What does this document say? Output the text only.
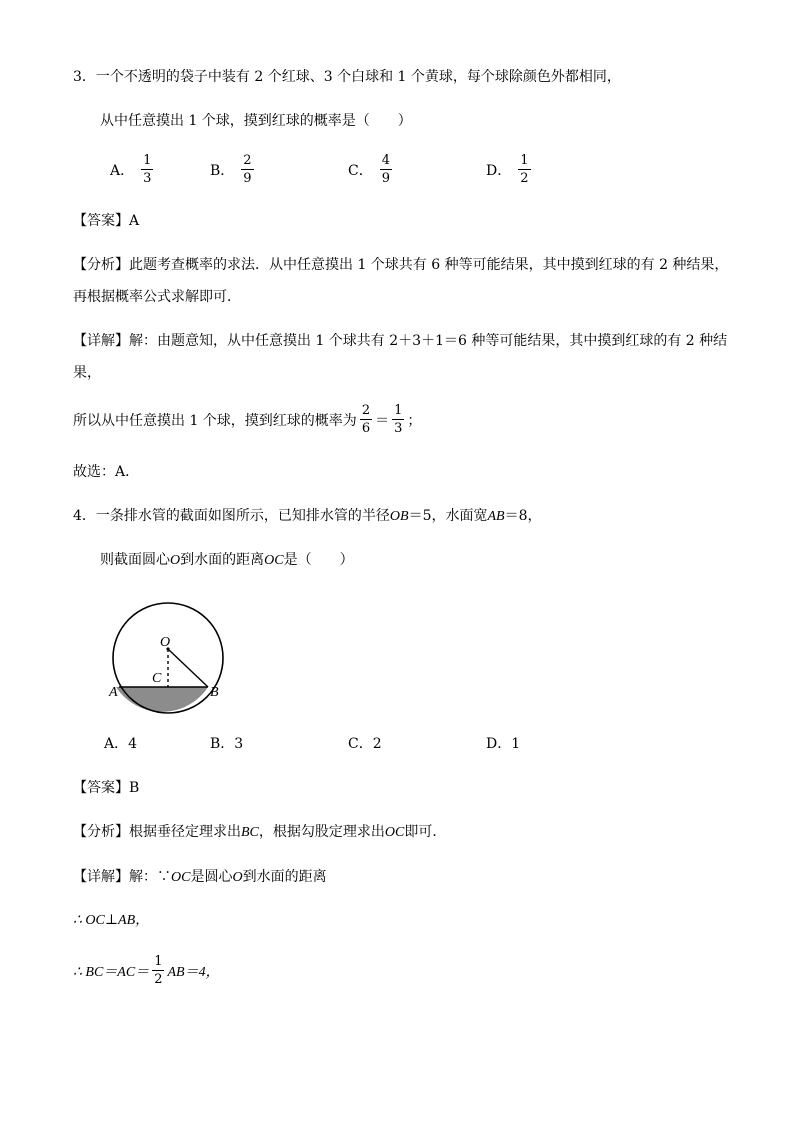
3．一个不透明的袋子中装有 2 个红球、3 个白球和 1 个黄球，每个球除颜色外都相同，
从中任意摸出 1 个球，摸到红球的概率是（　　）
A． $\frac{1}{3}$	B． $\frac{2}{9}$	C． $\frac{4}{9}$	D． $\frac{1}{2}$
【答案】A
【分析】此题考查概率的求法．从中任意摸出 1 个球共有 6 种等可能结果，其中摸到红球的有 2 种结果，
再根据概率公式求解即可．
【详解】解：由题意知，从中任意摸出 1 个球共有 2＋3＋1＝6 种等可能结果，其中摸到红球的有 2 种结
果，
所以从中任意摸出 1 个球，摸到红球的概率为 $\frac{2}{6} = \frac{1}{3}$ ；
故选：A．
4．一条排水管的截面如图所示，已知排水管的半径OB＝5，水面宽AB＝8，
则截面圆心O到水面的距离OC是（　　）
O
C
A	B
A．4	B．3	C．2	D．1
【答案】B
【分析】根据垂径定理求出BC，根据勾股定理求出OC即可．
【详解】解：∵OC是圆心O到水面的距离
∴ OC⊥AB，
∴ $BC=AC= \frac{1}{2} AB=4$，
